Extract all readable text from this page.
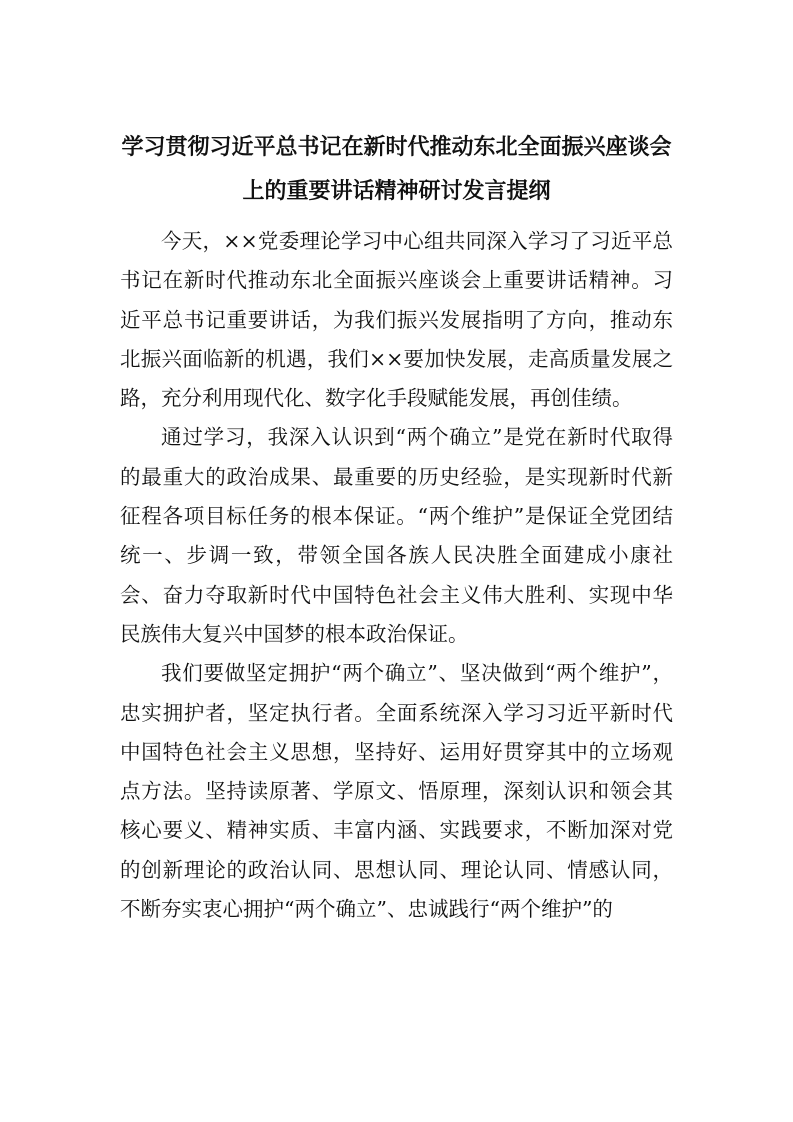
学习贯彻习近平总书记在新时代推动东北全面振兴座谈会
上的重要讲话精神研讨发言提纲

今天，××党委理论学习中心组共同深入学习了习近平总书记在新时代推动东北全面振兴座谈会上重要讲话精神。习近平总书记重要讲话，为我们振兴发展指明了方向，推动东北振兴面临新的机遇，我们××要加快发展，走高质量发展之路，充分利用现代化、数字化手段赋能发展，再创佳绩。

通过学习，我深入认识到“两个确立”是党在新时代取得的最重大的政治成果、最重要的历史经验，是实现新时代新征程各项目标任务的根本保证。“两个维护”是保证全党团结统一、步调一致，带领全国各族人民决胜全面建成小康社会、奋力夺取新时代中国特色社会主义伟大胜利、实现中华民族伟大复兴中国梦的根本政治保证。

我们要做坚定拥护“两个确立”、坚决做到“两个维护”，忠实拥护者，坚定执行者。全面系统深入学习习近平新时代中国特色社会主义思想，坚持好、运用好贯穿其中的立场观点方法。坚持读原著、学原文、悟原理，深刻认识和领会其核心要义、精神实质、丰富内涵、实践要求，不断加深对党的创新理论的政治认同、思想认同、理论认同、情感认同，不断夯实衷心拥护“两个确立”、忠诚践行“两个维护”的
